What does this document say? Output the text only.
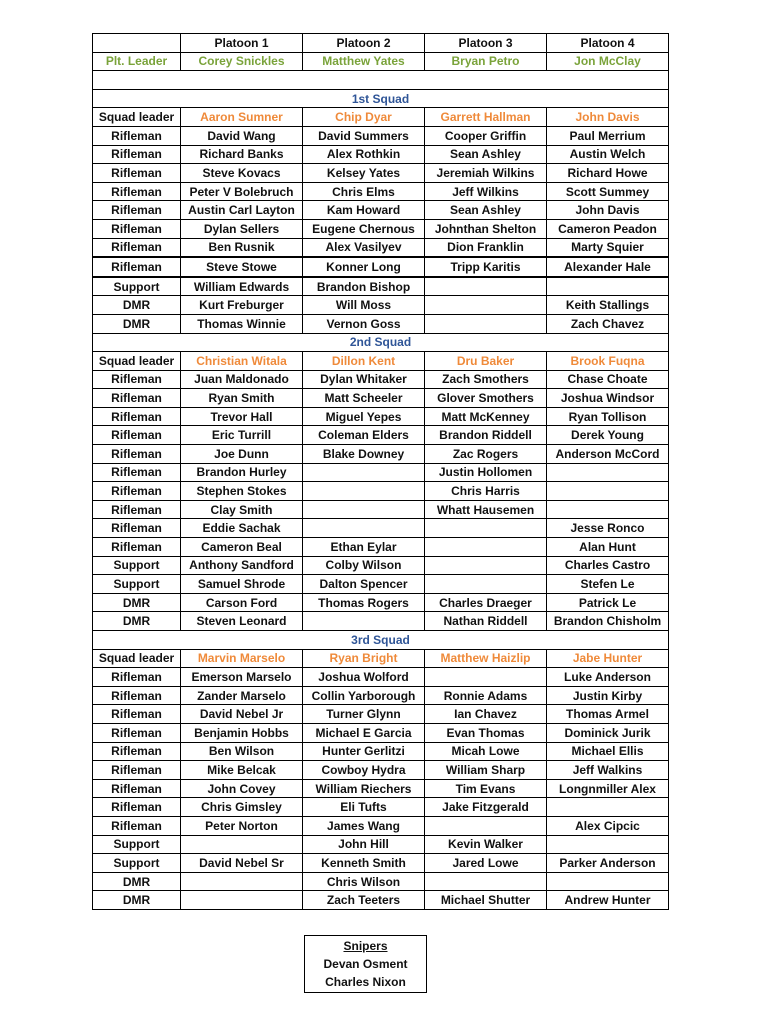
	Platoon 1	Platoon 2	Platoon 3	Platoon 4
Plt. Leader	Corey Snickles	Matthew Yates	Bryan Petro	Jon McClay

1st Squad				
Squad leader	Aaron Sumner	Chip Dyar	Garrett Hallman	John Davis
Rifleman	David Wang	David Summers	Cooper Griffin	Paul Merrium
Rifleman	Richard Banks	Alex Rothkin	Sean Ashley	Austin Welch
Rifleman	Steve Kovacs	Kelsey Yates	Jeremiah Wilkins	Richard Howe
Rifleman	Peter V Bolebruch	Chris Elms	Jeff Wilkins	Scott Summey
Rifleman	Austin Carl Layton	Kam Howard	Sean Ashley	John Davis
Rifleman	Dylan Sellers	Eugene Chernous	Johnthan Shelton	Cameron Peadon
Rifleman	Ben Rusnik	Alex Vasilyev	Dion Franklin	Marty Squier
Rifleman	Steve Stowe	Konner Long	Tripp Karitis	Alexander Hale
Support	William Edwards	Brandon Bishop		
DMR	Kurt Freburger	Will Moss		Keith Stallings
DMR	Thomas Winnie	Vernon Goss		Zach Chavez
2nd Squad				
Squad leader	Christian Witala	Dillon Kent	Dru Baker	Brook Fuqna
Rifleman	Juan Maldonado	Dylan Whitaker	Zach Smothers	Chase Choate
Rifleman	Ryan Smith	Matt Scheeler	Glover Smothers	Joshua Windsor
Rifleman	Trevor Hall	Miguel Yepes	Matt McKenney	Ryan Tollison
Rifleman	Eric Turrill	Coleman Elders	Brandon Riddell	Derek Young
Rifleman	Joe Dunn	Blake Downey	Zac Rogers	Anderson McCord
Rifleman	Brandon Hurley		Justin Hollomen	
Rifleman	Stephen Stokes		Chris Harris	
Rifleman	Clay Smith		Whatt Hausemen	
Rifleman	Eddie Sachak			Jesse Ronco
Rifleman	Cameron Beal	Ethan Eylar		Alan Hunt
Support	Anthony Sandford	Colby Wilson		Charles Castro
Support	Samuel Shrode	Dalton Spencer		Stefen Le
DMR	Carson Ford	Thomas Rogers	Charles Draeger	Patrick Le
DMR	Steven Leonard		Nathan Riddell	Brandon Chisholm
3rd Squad				
Squad leader	Marvin Marselo	Ryan Bright	Matthew Haizlip	Jabe Hunter
Rifleman	Emerson Marselo	Joshua Wolford		Luke Anderson
Rifleman	Zander Marselo	Collin Yarborough	Ronnie Adams	Justin Kirby
Rifleman	David Nebel Jr	Turner Glynn	Ian Chavez	Thomas Armel
Rifleman	Benjamin Hobbs	Michael E Garcia	Evan Thomas	Dominick Jurik
Rifleman	Ben Wilson	Hunter Gerlitzi	Micah Lowe	Michael Ellis
Rifleman	Mike Belcak	Cowboy Hydra	William Sharp	Jeff Walkins
Rifleman	John Covey	William Riechers	Tim Evans	Longnmiller Alex
Rifleman	Chris Gimsley	Eli Tufts	Jake Fitzgerald	
Rifleman	Peter Norton	James Wang		Alex Cipcic
Support		John Hill	Kevin Walker	
Support	David Nebel Sr	Kenneth Smith	Jared Lowe	Parker Anderson
DMR		Chris Wilson		
DMR		Zach Teeters	Michael Shutter	Andrew Hunter
Snipers
Devan Osment
Charles Nixon
